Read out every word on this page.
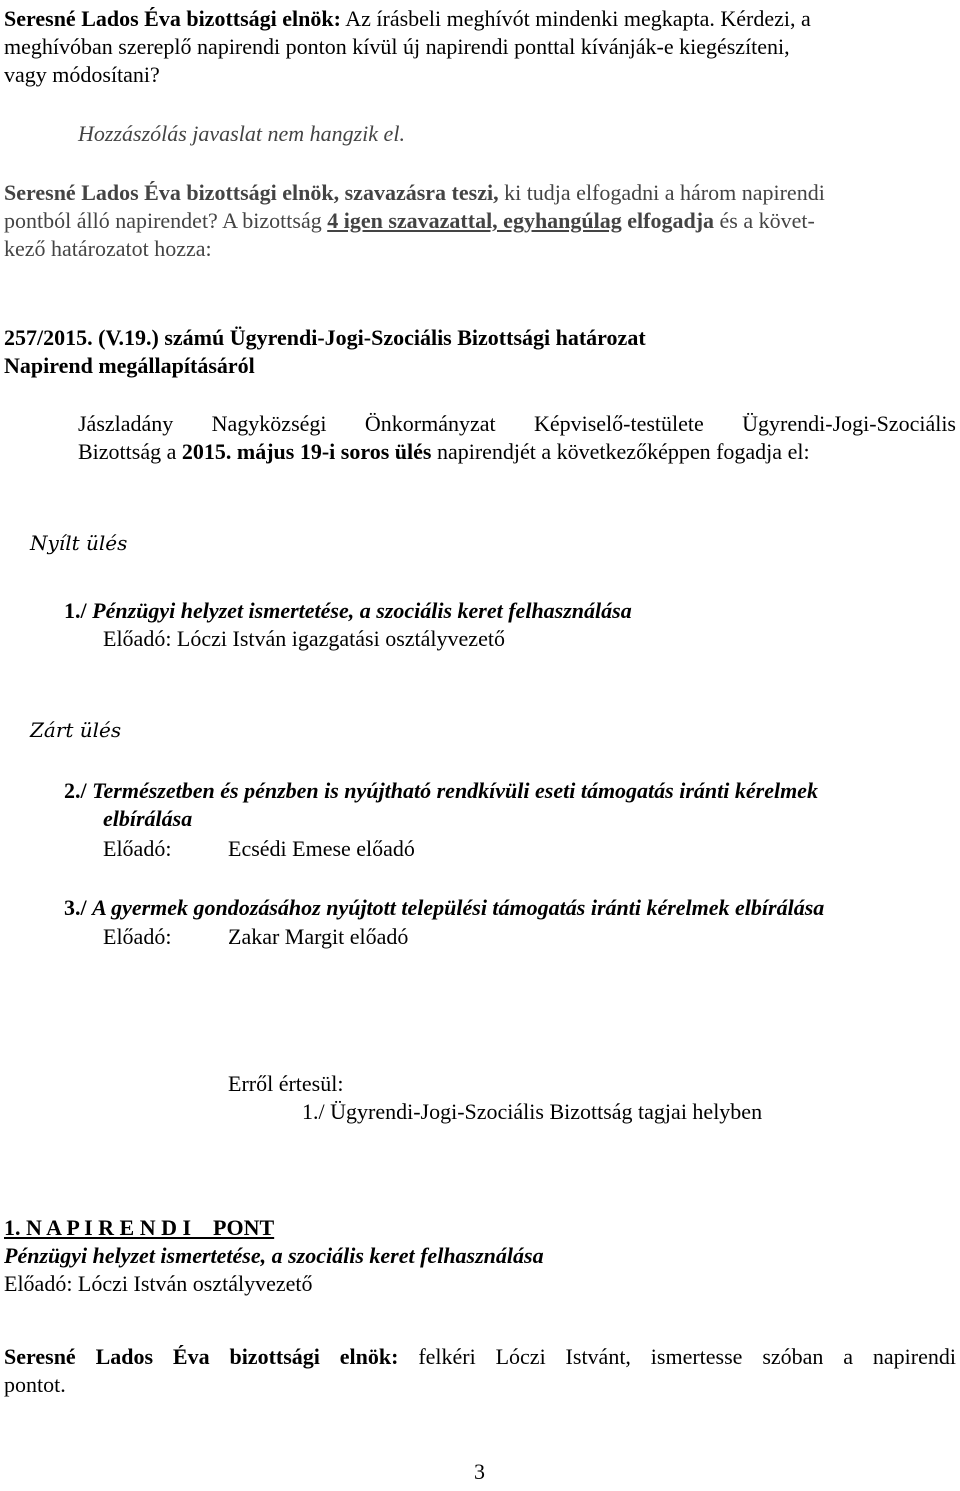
Seresné Lados Éva bizottsági elnök: Az írásbeli meghívót mindenki megkapta. Kérdezi, a
meghívóban szereplő napirendi ponton kívül új napirendi ponttal kívánják-e kiegészíteni,
vagy módosítani?
Hozzászólás javaslat nem hangzik el.
Seresné Lados Éva bizottsági elnök, szavazásra teszi, ki tudja elfogadni a három napirendi
pontból álló napirendet? A bizottság 4 igen szavazattal, egyhangúlag elfogadja és a követ-
kező határozatot hozza:
257/2015. (V.19.) számú Ügyrendi-Jogi-Szociális Bizottsági határozat
Napirend megállapításáról
Jászladány Nagyközségi Önkormányzat Képviselő-testülete Ügyrendi-Jogi-Szociális
Bizottság a 2015. május 19-i soros ülés napirendjét a következőképpen fogadja el:
Nyílt ülés
1./ Pénzügyi helyzet ismertetése, a szociális keret felhasználása
Előadó: Lóczi István igazgatási osztályvezető
Zárt ülés
2./ Természetben és pénzben is nyújtható rendkívüli eseti támogatás iránti kérelmek
elbírálása
Előadó:	Ecsédi Emese előadó
3./ A gyermek gondozásához nyújtott települési támogatás iránti kérelmek elbírálása
Előadó:	Zakar Margit előadó
Erről értesül:
1./ Ügyrendi-Jogi-Szociális Bizottság tagjai helyben
1. N A P I R E N D I    PONT
Pénzügyi helyzet ismertetése, a szociális keret felhasználása
Előadó: Lóczi István osztályvezető
Seresné Lados Éva bizottsági elnök: felkéri Lóczi Istvánt, ismertesse szóban a napirendi
pontot.
3
